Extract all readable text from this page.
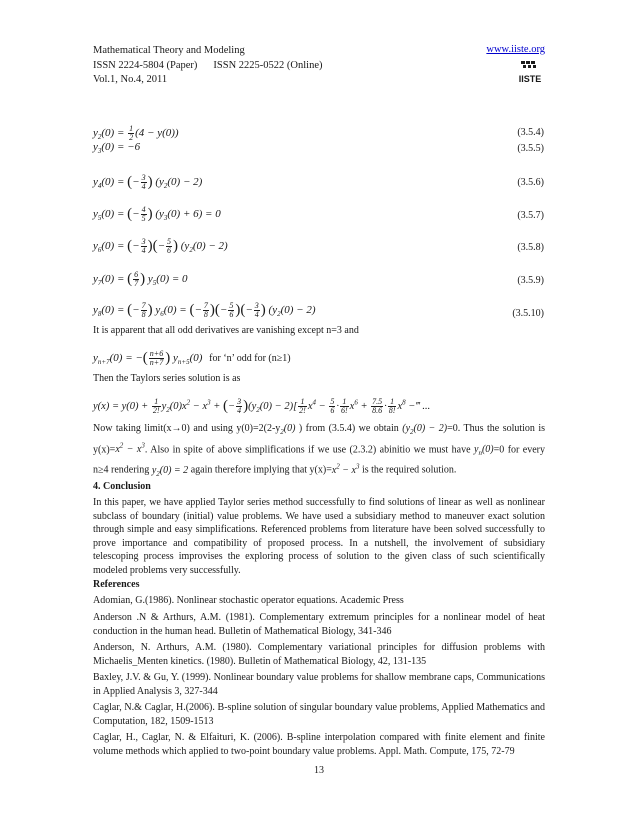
Mathematical Theory and Modeling
ISSN 2224-5804 (Paper) ISSN 2225-0522 (Online)
Vol.1, No.4, 2011
www.iiste.org
IISTE
$y_2(0) = \frac{1}{2} (4 - y(0))$	(3.5.4)
$y_3(0) = -6$	(3.5.5)
$y_4(0)$ = (− $\frac{3}{4}$ ) $(y_2(0) - 2)$	(3.5.6)
$y_5(0)$ = (− $\frac{4}{5}$ ) $(y_3(0) + 6) = 0$	(3.5.7)
$y_6(0)$ = (− $\frac{3}{4}$ )(− $\frac{5}{6}$ ) $(y_2(0) - 2)$	(3.5.8)
$y_7(0)$ = ( $\frac{6}{7}$ ) $y_5(0) = 0$	(3.5.9)
$y_8(0)$ = (− $\frac{7}{8}$ ) $y_6(0)$ = (− $\frac{7}{8}$ )(− $\frac{5}{6}$ )(− $\frac{3}{4}$ ) $(y_2(0) - 2)$	(3.5.10)
It is apparent that all odd derivatives are vanishing except n=3 and
$y_{n+7}(0)$ = −( $\frac{n+6}{n+7}$ ) $y_{n+5}(0)$ for ‘n’ odd for (n≥1)
Then the Taylors series solution is as
$y(x) = y(0) + \frac{1}{2!} y_2(0)x^2 - x^3$ + (− $\frac{3}{4} )(y_2(0) - 2)[ \frac{1}{2!} x^4 - \frac{5}{6} \cdot \frac{1}{6!} x^6 + \frac{7.5}{8.6} \cdot \frac{1}{8!} x^8$ −‴ ...
Now taking limit(x→0) and using $y(0)=2(2-y_2(0)$ ) from (3.5.4) we obtain $(y_2(0) - 2)=0$. Thus the solution is $y(x)=x^2 - x^3$. Also in spite of above simplifications if we use (2.3.2) abinitio we must have $y_n(0)=0$ for every n≥4 rendering $y_2(0) = 2$ again therefore implying that $y(x)=x^2 - x^3$ is the required solution.
4. Conclusion
In this paper, we have applied Taylor series method successfully to find solutions of linear as well as nonlinear subclass of boundary (initial) value problems. We have used a subsidiary method to maneuver exact solution through simple and easy simplifications. Referenced problems from literature have been solved successfully to prove importance and compatibility of proposed process. In a nutshell, the involvement of subsidiary telescoping process improvises the exploring process of solution to the given class of such scientifically modeled problems very successfully.
References
Adomian, G.(1986). Nonlinear stochastic operator equations. Academic Press
Anderson .N & Arthurs, A.M. (1981). Complementary extremum principles for a nonlinear model of heat conduction in the human head. Bulletin of Mathematical Biology, 341-346
Anderson, N. Arthurs, A.M. (1980). Complementary variational principles for diffusion problems with Michaelis_Menten kinetics. (1980). Bulletin of Mathematical Biology, 42, 131-135
Baxley, J.V. & Gu, Y. (1999). Nonlinear boundary value problems for shallow membrane caps, Communications in Applied Analysis 3, 327-344
Caglar, N.& Caglar, H.(2006). B-spline solution of singular boundary value problems, Applied Mathematics and Computation, 182, 1509-1513
Caglar, H., Caglar, N. & Elfaituri, K. (2006). B-spline interpolation compared with finite element and finite volume methods which applied to two-point boundary value problems. Appl. Math. Compute, 175, 72-79
13
